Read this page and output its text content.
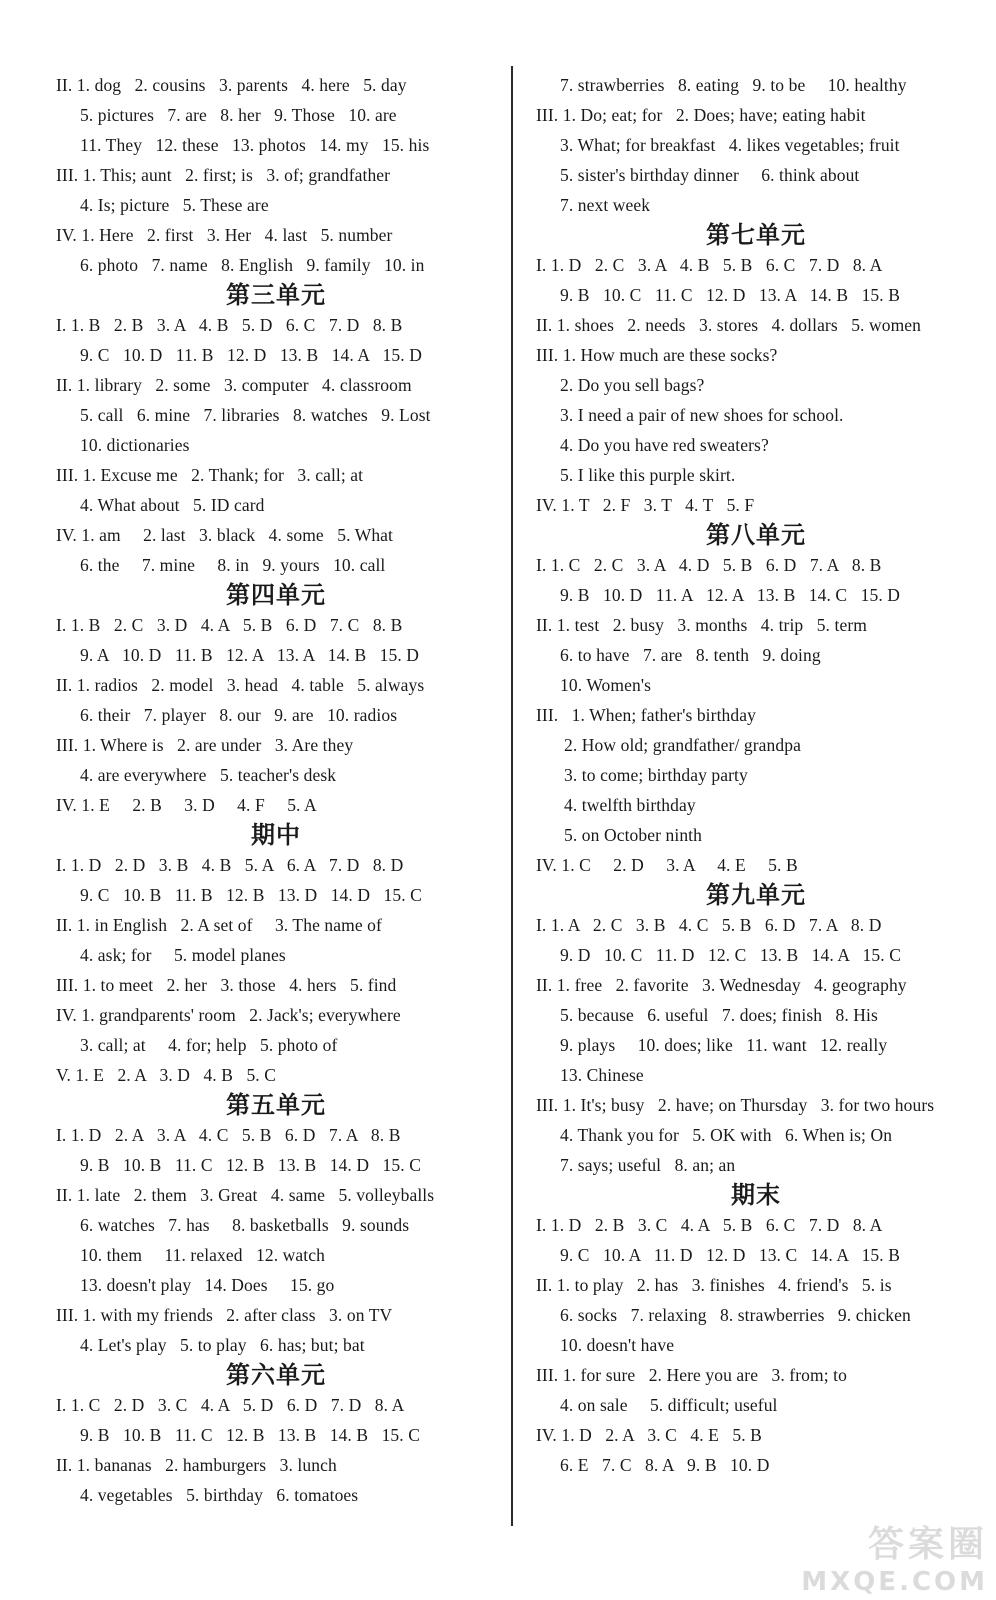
II. 1. dog   2. cousins   3. parents   4. here   5. day
5. pictures   7. are   8. her   9. Those   10. are
11. They   12. these   13. photos   14. my   15. his
III. 1. This; aunt   2. first; is   3. of; grandfather
4. Is; picture   5. These are
IV. 1. Here   2. first   3. Her   4. last   5. number
6. photo   7. name   8. English   9. family   10. in
第三单元
I. 1. B   2. B   3. A   4. B   5. D   6. C   7. D   8. B
9. C   10. D   11. B   12. D   13. B   14. A   15. D
II. 1. library   2. some   3. computer   4. classroom
5. call   6. mine   7. libraries   8. watches   9. Lost
10. dictionaries
III. 1. Excuse me   2. Thank; for   3. call; at
4. What about   5. ID card
IV. 1. am     2. last   3. black   4. some   5. What
6. the     7. mine     8. in   9. yours   10. call
第四单元
I. 1. B   2. C   3. D   4. A   5. B   6. D   7. C   8. B
9. A   10. D   11. B   12. A   13. A   14. B   15. D
II. 1. radios   2. model   3. head   4. table   5. always
6. their   7. player   8. our   9. are   10. radios
III. 1. Where is   2. are under   3. Are they
4. are everywhere   5. teacher's desk
IV. 1. E     2. B     3. D     4. F     5. A
期中
I. 1. D   2. D   3. B   4. B   5. A   6. A   7. D   8. D
9. C   10. B   11. B   12. B   13. D   14. D   15. C
II. 1. in English   2. A set of     3. The name of
4. ask; for     5. model planes
III. 1. to meet   2. her   3. those   4. hers   5. find
IV. 1. grandparents' room   2. Jack's; everywhere
3. call; at     4. for; help   5. photo of
V. 1. E   2. A   3. D   4. B   5. C
第五单元
I. 1. D   2. A   3. A   4. C   5. B   6. D   7. A   8. B
9. B   10. B   11. C   12. B   13. B   14. D   15. C
II. 1. late   2. them   3. Great   4. same   5. volleyballs
6. watches   7. has     8. basketballs   9. sounds
10. them     11. relaxed   12. watch
13. doesn't play   14. Does     15. go
III. 1. with my friends   2. after class   3. on TV
4. Let's play   5. to play   6. has; but; bat
第六单元
I. 1. C   2. D   3. C   4. A   5. D   6. D   7. D   8. A
9. B   10. B   11. C   12. B   13. B   14. B   15. C
II. 1. bananas   2. hamburgers   3. lunch
4. vegetables   5. birthday   6. tomatoes
7. strawberries   8. eating   9. to be     10. healthy
III. 1. Do; eat; for   2. Does; have; eating habit
3. What; for breakfast   4. likes vegetables; fruit
5. sister's birthday dinner     6. think about
7. next week
第七单元
I. 1. D   2. C   3. A   4. B   5. B   6. C   7. D   8. A
9. B   10. C   11. C   12. D   13. A   14. B   15. B
II. 1. shoes   2. needs   3. stores   4. dollars   5. women
III. 1. How much are these socks?
2. Do you sell bags?
3. I need a pair of new shoes for school.
4. Do you have red sweaters?
5. I like this purple skirt.
IV. 1. T   2. F   3. T   4. T   5. F
第八单元
I. 1. C   2. C   3. A   4. D   5. B   6. D   7. A   8. B
9. B   10. D   11. A   12. A   13. B   14. C   15. D
II. 1. test   2. busy   3. months   4. trip   5. term
6. to have   7. are   8. tenth   9. doing
10. Women's
III.   1. When; father's birthday
2. How old; grandfather/ grandpa
3. to come; birthday party
4. twelfth birthday
5. on October ninth
IV. 1. C     2. D     3. A     4. E     5. B
第九单元
I. 1. A   2. C   3. B   4. C   5. B   6. D   7. A   8. D
9. D   10. C   11. D   12. C   13. B   14. A   15. C
II. 1. free   2. favorite   3. Wednesday   4. geography
5. because   6. useful   7. does; finish   8. His
9. plays     10. does; like   11. want   12. really
13. Chinese
III. 1. It's; busy   2. have; on Thursday   3. for two hours
4. Thank you for   5. OK with   6. When is; On
7. says; useful   8. an; an
期末
I. 1. D   2. B   3. C   4. A   5. B   6. C   7. D   8. A
9. C   10. A   11. D   12. D   13. C   14. A   15. B
II. 1. to play   2. has   3. finishes   4. friend's   5. is
6. socks   7. relaxing   8. strawberries   9. chicken
10. doesn't have
III. 1. for sure   2. Here you are   3. from; to
4. on sale     5. difficult; useful
IV. 1. D   2. A   3. C   4. E   5. B
6. E   7. C   8. A   9. B   10. D
答案圈
MXQE.COM
